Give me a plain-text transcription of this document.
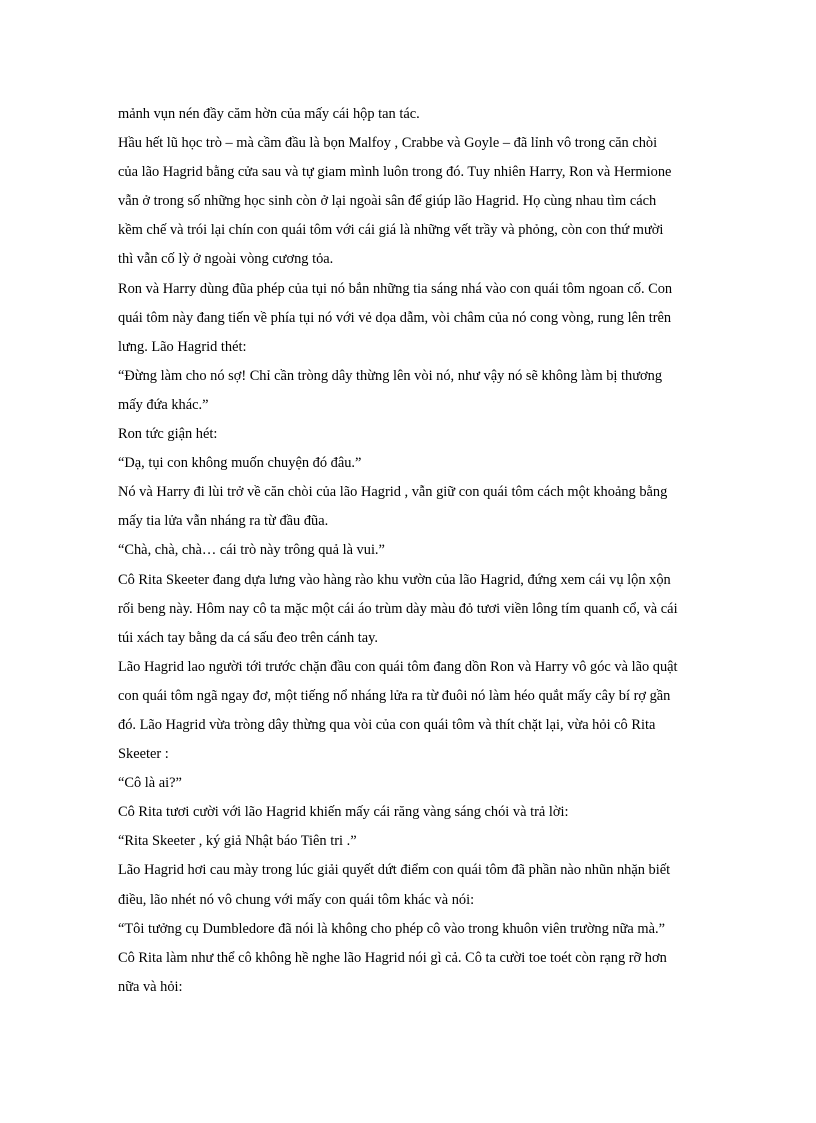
mảnh vụn nén đầy căm hờn của mấy cái hộp tan tác.
Hầu hết lũ học trò – mà cầm đầu là bọn Malfoy , Crabbe và Goyle – đã lỉnh vô trong căn chòi
của lão Hagrid bằng cửa sau và tự giam mình luôn trong đó. Tuy nhiên Harry, Ron và Hermione
vẫn ở trong số những học sinh còn ở lại ngoài sân để giúp lão Hagrid. Họ cùng nhau tìm cách
kềm chế và trói lại chín con quái tôm với cái giá là những vết trầy và phỏng, còn con thứ mười
thì vẫn cố lỳ ở ngoài vòng cương tỏa.
Ron và Harry dùng đũa phép của tụi nó bắn những tia sáng nhá vào con quái tôm ngoan cố. Con
quái tôm này đang tiến về phía tụi nó với vẻ dọa dẫm, vòi châm của nó cong vòng, rung lên trên
lưng. Lão Hagrid thét:
“Đừng làm cho nó sợ! Chỉ cần tròng dây thừng lên vòi nó, như vậy nó sẽ không làm bị thương
mấy đứa khác.”
Ron tức giận hét:
“Dạ, tụi con không muốn chuyện đó đâu.”
Nó và Harry đi lùi trở về căn chòi của lão Hagrid , vẫn giữ con quái tôm cách một khoảng bằng
mấy tia lửa vẫn nháng ra từ đầu đũa.
“Chà, chà, chà… cái trò này trông quả là vui.”
Cô Rita Skeeter đang dựa lưng vào hàng rào khu vườn của lão Hagrid, đứng xem cái vụ lộn xộn
rối beng này. Hôm nay cô ta mặc một cái áo trùm dày màu đỏ tươi viền lông tím quanh cổ, và cái
túi xách tay bằng da cá sấu đeo trên cánh tay.
Lão Hagrid lao người tới trước chặn đầu con quái tôm đang dồn Ron và Harry vô góc và lão quật
con quái tôm ngã ngay đơ, một tiếng nổ nháng lửa ra từ đuôi nó làm héo quắt mấy cây bí rợ gần
đó. Lão Hagrid vừa tròng dây thừng qua vòi của con quái tôm và thít chặt lại, vừa hỏi cô Rita
Skeeter :
“Cô là ai?”
Cô Rita tươi cười với lão Hagrid khiến mấy cái răng vàng sáng chói và trả lời:
“Rita Skeeter , ký giả Nhật báo Tiên tri .”
Lão Hagrid hơi cau mày trong lúc giải quyết dứt điểm con quái tôm đã phần nào nhũn nhặn biết
điều, lão nhét nó vô chung với mấy con quái tôm khác và nói:
“Tôi tưởng cụ Dumbledore đã nói là không cho phép cô vào trong khuôn viên trường nữa mà.”
Cô Rita làm như thể cô không hề nghe lão Hagrid nói gì cả. Cô ta cười toe toét còn rạng rỡ hơn
nữa và hỏi:
